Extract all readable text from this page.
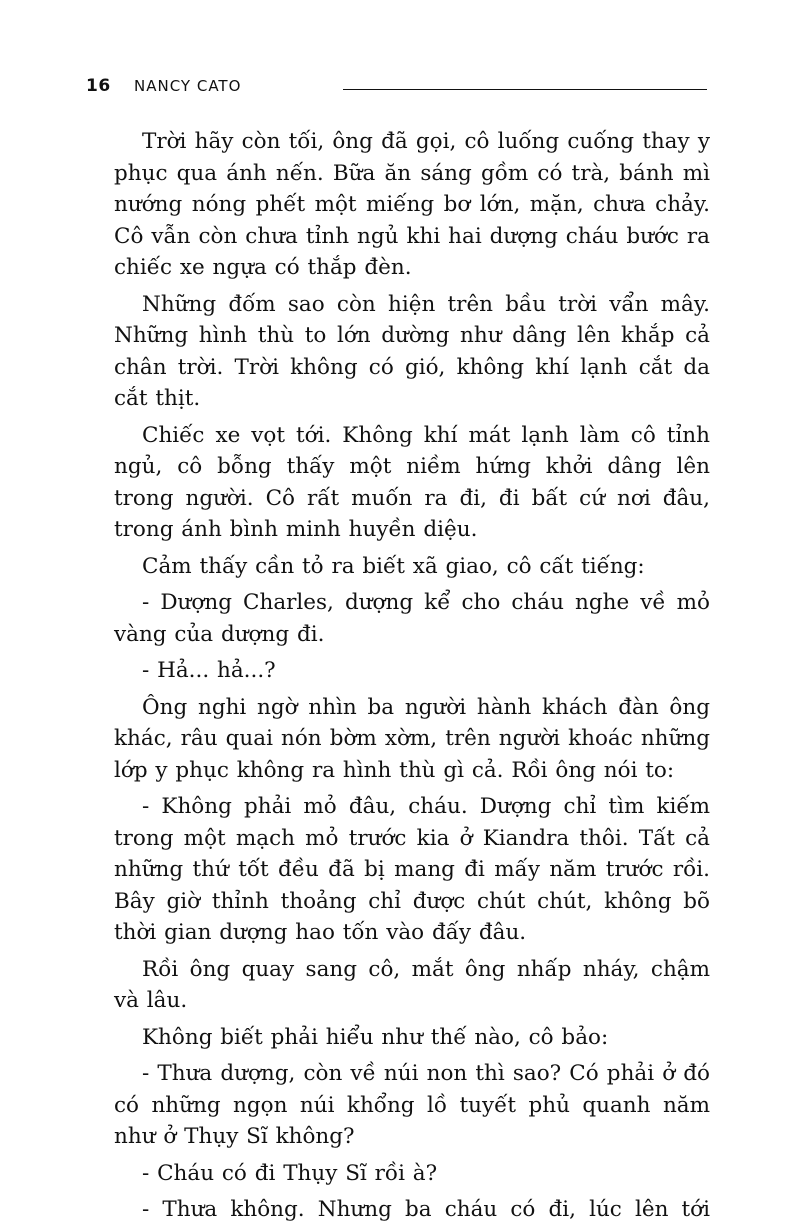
16 NANCY CATO

Trời hãy còn tối, ông đã gọi, cô luống cuống thay y phục qua ánh nến. Bữa ăn sáng gồm có trà, bánh mì nướng nóng phết một miếng bơ lớn, mặn, chưa chảy. Cô vẫn còn chưa tỉnh ngủ khi hai dượng cháu bước ra chiếc xe ngựa có thắp đèn.

Những đốm sao còn hiện trên bầu trời vẩn mây. Những hình thù to lớn dường như dâng lên khắp cả chân trời. Trời không có gió, không khí lạnh cắt da cắt thịt.

Chiếc xe vọt tới. Không khí mát lạnh làm cô tỉnh ngủ, cô bỗng thấy một niềm hứng khởi dâng lên trong người. Cô rất muốn ra đi, đi bất cứ nơi đâu, trong ánh bình minh huyền diệu.

Cảm thấy cần tỏ ra biết xã giao, cô cất tiếng:

- Dượng Charles, dượng kể cho cháu nghe về mỏ vàng của dượng đi.

- Hả... hả...?

Ông nghi ngờ nhìn ba người hành khách đàn ông khác, râu quai nón bờm xờm, trên người khoác những lớp y phục không ra hình thù gì cả. Rồi ông nói to:

- Không phải mỏ đâu, cháu. Dượng chỉ tìm kiếm trong một mạch mỏ trước kia ở Kiandra thôi. Tất cả những thứ tốt đều đã bị mang đi mấy năm trước rồi. Bây giờ thỉnh thoảng chỉ được chút chút, không bõ thời gian dượng hao tốn vào đấy đâu.

Rồi ông quay sang cô, mắt ông nhấp nháy, chậm và lâu.

Không biết phải hiểu như thế nào, cô bảo:

- Thưa dượng, còn về núi non thì sao? Có phải ở đó có những ngọn núi khổng lồ tuyết phủ quanh năm như ở Thụy Sĩ không?

- Cháu có đi Thụy Sĩ rồi à?

- Thưa không. Nhưng ba cháu có đi, lúc lên tới
